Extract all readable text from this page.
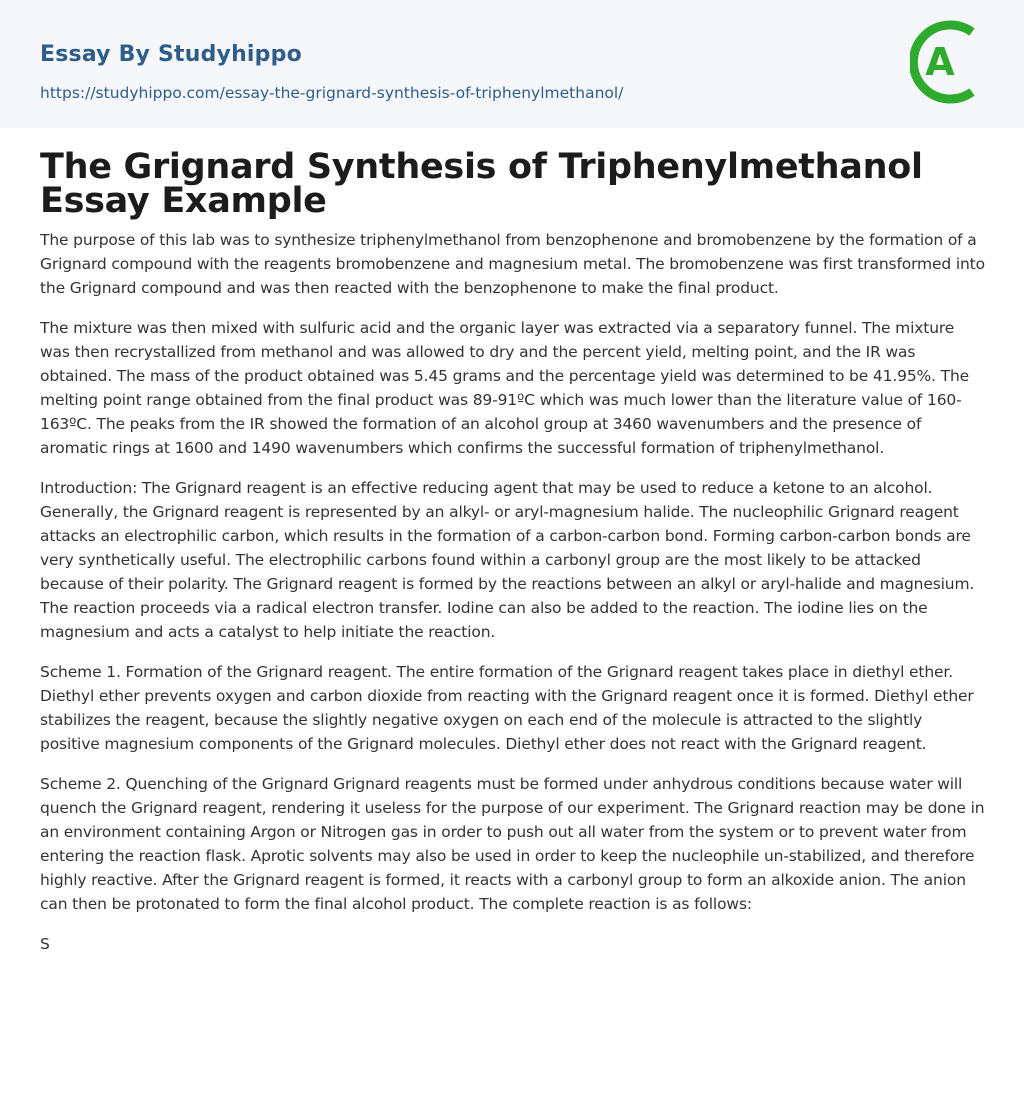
Essay By Studyhippo
https://studyhippo.com/essay-the-grignard-synthesis-of-triphenylmethanol/
A
The Grignard Synthesis of Triphenylmethanol Essay Example

The purpose of this lab was to synthesize triphenylmethanol from benzophenone and bromobenzene by the formation of a Grignard compound with the reagents bromobenzene and magnesium metal. The bromobenzene was first transformed into the Grignard compound and was then reacted with the benzophenone to make the final product.

The mixture was then mixed with sulfuric acid and the organic layer was extracted via a separatory funnel. The mixture was then recrystallized from methanol and was allowed to dry and the percent yield, melting point, and the IR was obtained. The mass of the product obtained was 5.45 grams and the percentage yield was determined to be 41.95%. The melting point range obtained from the final product was 89-91ºC which was much lower than the literature value of 160-163ºC. The peaks from the IR showed the formation of an alcohol group at 3460 wavenumbers and the presence of aromatic rings at 1600 and 1490 wavenumbers which confirms the successful formation of triphenylmethanol.

Introduction: The Grignard reagent is an effective reducing agent that may be used to reduce a ketone to an alcohol. Generally, the Grignard reagent is represented by an alkyl- or aryl-magnesium halide. The nucleophilic Grignard reagent attacks an electrophilic carbon, which results in the formation of a carbon-carbon bond. Forming carbon-carbon bonds are very synthetically useful. The electrophilic carbons found within a carbonyl group are the most likely to be attacked because of their polarity. The Grignard reagent is formed by the reactions between an alkyl or aryl-halide and magnesium. The reaction proceeds via a radical electron transfer. Iodine can also be added to the reaction. The iodine lies on the magnesium and acts a catalyst to help initiate the reaction.

Scheme 1. Formation of the Grignard reagent. The entire formation of the Grignard reagent takes place in diethyl ether. Diethyl ether prevents oxygen and carbon dioxide from reacting with the Grignard reagent once it is formed. Diethyl ether stabilizes the reagent, because the slightly negative oxygen on each end of the molecule is attracted to the slightly positive magnesium components of the Grignard molecules. Diethyl ether does not react with the Grignard reagent.

Scheme 2. Quenching of the Grignard Grignard reagents must be formed under anhydrous conditions because water will quench the Grignard reagent, rendering it useless for the purpose of our experiment. The Grignard reaction may be done in an environment containing Argon or Nitrogen gas in order to push out all water from the system or to prevent water from entering the reaction flask. Aprotic solvents may also be used in order to keep the nucleophile un-stabilized, and therefore highly reactive. After the Grignard reagent is formed, it reacts with a carbonyl group to form an alkoxide anion. The anion can then be protonated to form the final alcohol product. The complete reaction is as follows:

S
